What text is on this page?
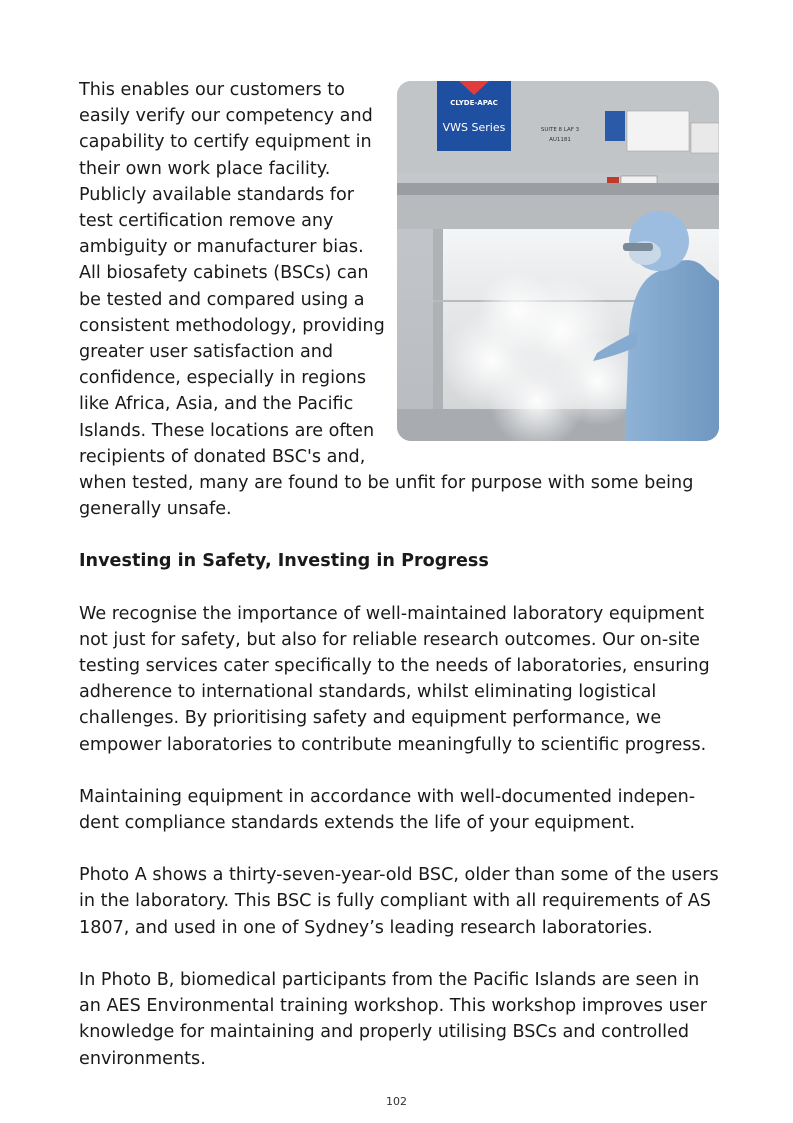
CLYDE-APAC
VWS Series	SUITE 8 LAF 3
AU1181
This enables our customers to easily verify our competency and capability to certify equipment in their own work place facility. Publicly available standards for test certification remove any ambiguity or manufacturer bias. All biosafety cabinets (BSCs) can be tested and compared using a consistent methodology, providing greater user satisfaction and confidence, especially in regions like Africa, Asia, and the Pacific Islands. These locations are often recipients of donated BSC's and, when tested, many are found to be unfit for purpose with some being generally unsafe.

Investing in Safety, Investing in Progress

We recognise the importance of well-maintained laboratory equipment not just for safety, but also for reliable research outcomes. Our on-site testing services cater specifically to the needs of laboratories, ensuring adherence to international standards, whilst eliminating logistical challenges. By prioritising safety and equipment performance, we empower laboratories to contribute meaningfully to scientific progress.

Maintaining equipment in accordance with well-documented indepen-dent compliance standards extends the life of your equipment.

Photo A shows a thirty-seven-year-old BSC, older than some of the users in the laboratory. This BSC is fully compliant with all requirements of AS 1807, and used in one of Sydney’s leading research laboratories.

In Photo B, biomedical participants from the Pacific Islands are seen in an AES Environmental training workshop. This workshop improves user knowledge for maintaining and properly utilising BSCs and controlled environments.

102
